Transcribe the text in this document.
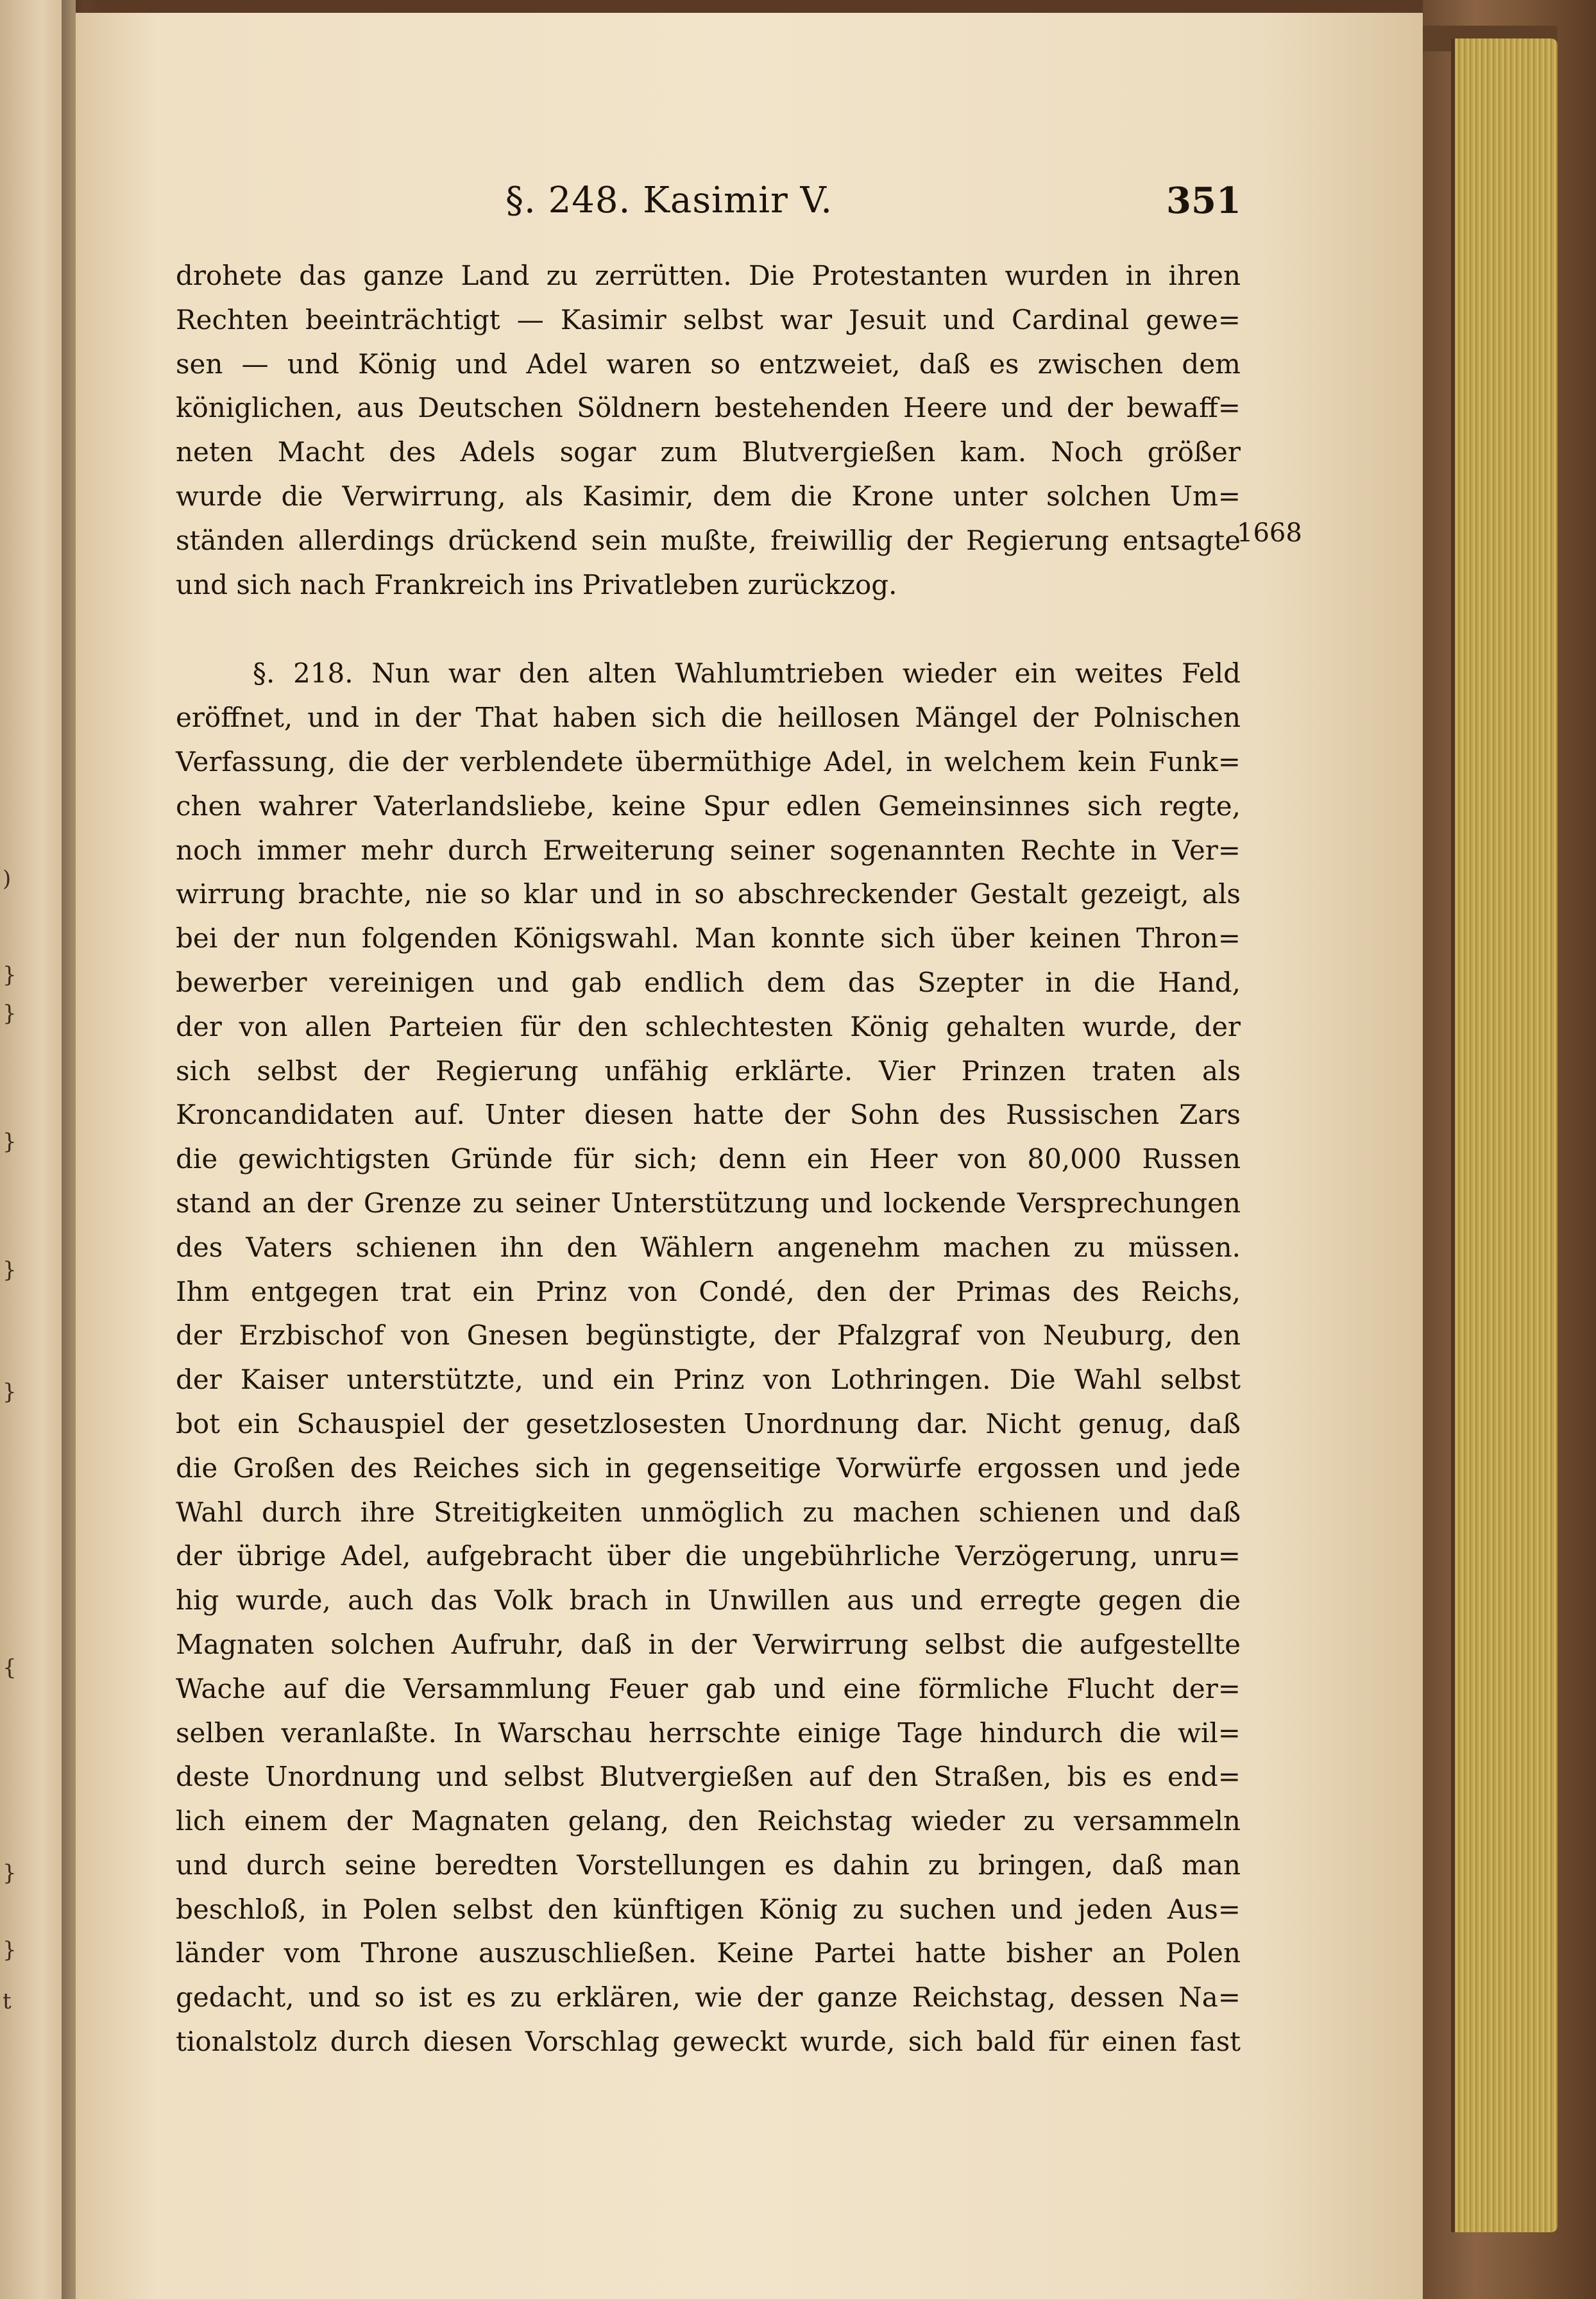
)
}
}
}
}
}
{
}
}
t
§. 248. Kasimir V.	351
1668
drohete das ganze Land zu zerrütten. Die Protestanten wurden in ihren
Rechten beeinträchtigt — Kasimir selbst war Jesuit und Cardinal gewe=
sen — und König und Adel waren so entzweiet, daß es zwischen dem
königlichen, aus Deutschen Söldnern bestehenden Heere und der bewaff=
neten Macht des Adels sogar zum Blutvergießen kam. Noch größer
wurde die Verwirrung, als Kasimir, dem die Krone unter solchen Um=
ständen allerdings drückend sein mußte, freiwillig der Regierung entsagte
und sich nach Frankreich ins Privatleben zurückzog.
§. 218. Nun war den alten Wahlumtrieben wieder ein weites Feld
eröffnet, und in der That haben sich die heillosen Mängel der Polnischen
Verfassung, die der verblendete übermüthige Adel, in welchem kein Funk=
chen wahrer Vaterlandsliebe, keine Spur edlen Gemeinsinnes sich regte,
noch immer mehr durch Erweiterung seiner sogenannten Rechte in Ver=
wirrung brachte, nie so klar und in so abschreckender Gestalt gezeigt, als
bei der nun folgenden Königswahl. Man konnte sich über keinen Thron=
bewerber vereinigen und gab endlich dem das Szepter in die Hand,
der von allen Parteien für den schlechtesten König gehalten wurde, der
sich selbst der Regierung unfähig erklärte. Vier Prinzen traten als
Kroncandidaten auf. Unter diesen hatte der Sohn des Russischen Zars
die gewichtigsten Gründe für sich; denn ein Heer von 80,000 Russen
stand an der Grenze zu seiner Unterstützung und lockende Versprechungen
des Vaters schienen ihn den Wählern angenehm machen zu müssen.
Ihm entgegen trat ein Prinz von Condé, den der Primas des Reichs,
der Erzbischof von Gnesen begünstigte, der Pfalzgraf von Neuburg, den
der Kaiser unterstützte, und ein Prinz von Lothringen. Die Wahl selbst
bot ein Schauspiel der gesetzlosesten Unordnung dar. Nicht genug, daß
die Großen des Reiches sich in gegenseitige Vorwürfe ergossen und jede
Wahl durch ihre Streitigkeiten unmöglich zu machen schienen und daß
der übrige Adel, aufgebracht über die ungebührliche Verzögerung, unru=
hig wurde, auch das Volk brach in Unwillen aus und erregte gegen die
Magnaten solchen Aufruhr, daß in der Verwirrung selbst die aufgestellte
Wache auf die Versammlung Feuer gab und eine förmliche Flucht der=
selben veranlaßte. In Warschau herrschte einige Tage hindurch die wil=
deste Unordnung und selbst Blutvergießen auf den Straßen, bis es end=
lich einem der Magnaten gelang, den Reichstag wieder zu versammeln
und durch seine beredten Vorstellungen es dahin zu bringen, daß man
beschloß, in Polen selbst den künftigen König zu suchen und jeden Aus=
länder vom Throne auszuschließen. Keine Partei hatte bisher an Polen
gedacht, und so ist es zu erklären, wie der ganze Reichstag, dessen Na=
tionalstolz durch diesen Vorschlag geweckt wurde, sich bald für einen fast
